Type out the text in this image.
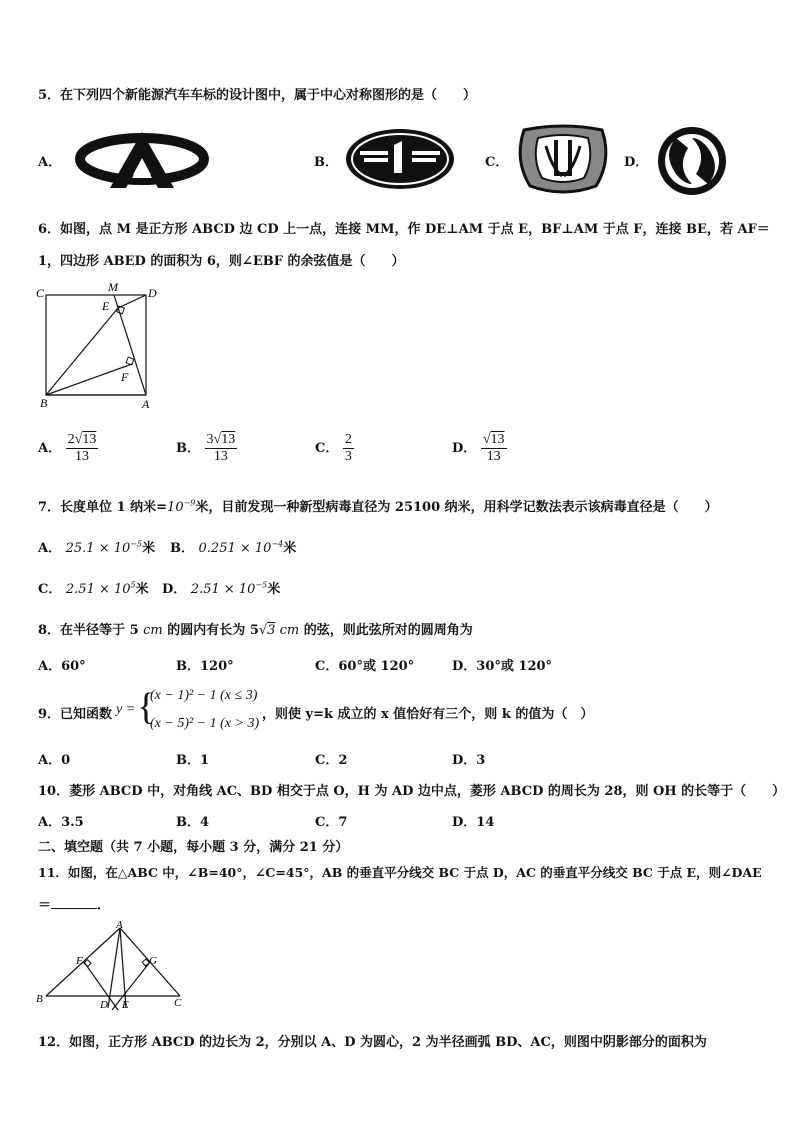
5．在下列四个新能源汽车车标的设计图中，属于中心对称图形的是（　　）
A．	B．	C．	D．
6．如图，点 M 是正方形 ABCD 边 CD 上一点，连接 MM，作 DE⊥AM 于点 E，BF⊥AM 于点 F，连接 BE，若 AF＝
1，四边形 ABED 的面积为 6，则∠EBF 的余弦值是（　　）
C	M	D
E
F
B	A
A． $\frac{2√13}{13}$	B． $\frac{3√13}{13}$	C． $\frac{2}{3}$	D． $\frac{√13}{13}$
7．长度单位 1 纳米$=10^{-9}$米，目前发现一种新型病毒直径为 25100 纳米，用科学记数法表示该病毒直径是（　　）
A． $25.1 \times 10^{-5}$米 B． $0.251 \times 10^{-4}$米
C． $2.51 \times 10^5$米 D． $2.51 \times 10^{-5}$米
8．在半径等于 5 cm 的圆内有长为 5√3 cm 的弦，则此弦所对的圆周角为
A．60°	B．120°	C．60°或 120°	D．30°或 120°
9．已知函数 y = {
(x − 1)² − 1 (x ≤ 3)
(x − 5)² − 1 (x > 3)
，则使 y=k 成立的 x 值恰好有三个，则 k 的值为（　）
A．0	B．1	C．2	D．3
10．菱形 ABCD 中，对角线 AC、BD 相交于点 O，H 为 AD 边中点，菱形 ABCD 的周长为 28，则 OH 的长等于（　　）
A．3.5	B．4	C．7	D．14
二、填空题（共 7 小题，每小题 3 分，满分 21 分）
11．如图，在△ABC 中，∠B=40°，∠C=45°，AB 的垂直平分线交 BC 于点 D，AC 的垂直平分线交 BC 于点 E，则∠DAE
＝	．
A
F	G
B	D E	C
12．如图，正方形 ABCD 的边长为 2，分别以 A、D 为圆心，2 为半径画弧 BD、AC，则图中阴影部分的面积为
